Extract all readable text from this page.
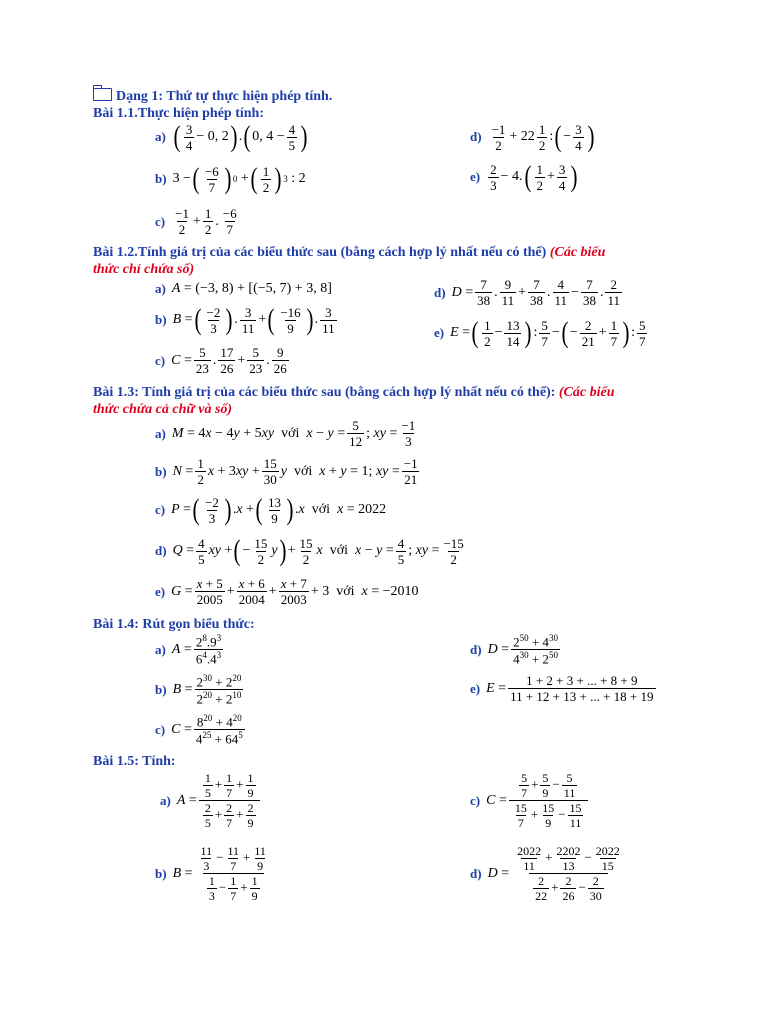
Dạng 1: Thứ tự thực hiện phép tính.
Bài 1.1.Thực hiện phép tính:
a) ( $\frac{3}{4} - 0$, 2 ) . ( 0, $4 - \frac{4}{5}$ )	$d) \frac{-1}{2} + 22 \frac{1}{2}$ : ( − $\frac{3}{4}$ )
b) 3 − ( $\frac{-6}{7}$ ) 0 + ( $\frac{1}{2}$ ) 3 : 2	$e) \frac{2}{3} - 4$. ( $\frac{1}{2} + \frac{3}{4}$ )
$c) \frac{-1}{2} + \frac{1}{2}$ . $\frac{-6}{7}$
Bài 1.2.Tính giá trị của các biểu thức sau (bằng cách hợp lý nhất nếu có thể) (Các biểu
thức chỉ chứa số)
a) A = (−3, 8) + [(−5, 7) + 3, 8]	d) $D = \frac{7}{38}$ . $\frac{9}{11} + \frac{7}{38}$ . $\frac{4}{11} - \frac{7}{38}$ . $\frac{2}{11}$
b) B = ( $\frac{-2}{3}$ ) . $\frac{3}{11}$ + ( $\frac{-16}{9}$ ) . $\frac{3}{11}$	e) E = ( $\frac{1}{2} - \frac{13}{14}$ ) : $\frac{5}{7}$ − ( − $\frac{2}{21} + \frac{1}{7}$ ) : $\frac{5}{7}$
c) $C = \frac{5}{23}$ . $\frac{17}{26} + \frac{5}{23}$ . $\frac{9}{26}$
Bài 1.3: Tính giá trị của các biểu thức sau (bằng cách hợp lý nhất nếu có thể): (Các biểu
thức chứa cả chữ và số)
a) M = 4 x − 4 y + 5 xy
với
$x - y = \frac{5}{12}$ ; xy = $\frac{-1}{3}$
b) $N = \frac{1}{2}$ x + 3 xy + $\frac{15}{30}$ y
với
x + y = 1; xy = $\frac{-1}{21}$
c) P = ( $\frac{-2}{3}$ ) . x + ( $\frac{13}{9}$ ) . x
với
x = 2022
d) $Q = \frac{4}{5}$ xy + ( − $\frac{15}{2}$ y ) + $\frac{15}{2}$ x
với
$x - y = \frac{4}{5}$ ; xy = $\frac{-15}{2}$
e) $G = \frac{x + 5}{2005} + \frac{x + 6}{2004} + \frac{x + 7}{2003} + 3$ với
x = −2010
Bài 1.4: Rút gọn biểu thức:
a) $A = \frac{2^8.9^3}{6^4.4^3}$	d) $D = \frac{2^{50} + 4^{30}}{4^{30} + 2^{50}}$
b) $B = \frac{2^{30} + 2^{20}}{2^{20} + 2^{10}}$	e) $E = \frac{1 + 2 + 3 + ... + 8 + 9}{11 + 12 + 13 + ... + 18 + 19}$
c) $C = \frac{8^{20} + 4^{20}}{4^{25} + 64^5}$
Bài 1.5: Tính:
a) $A = \frac{\frac{1}{5} + \frac{1}{7} + \frac{1}{9}}{\frac{2}{5} + \frac{2}{7} + \frac{2}{9}}$	c) $C = \frac{\frac{5}{7} + \frac{5}{9} - \frac{5}{11}}{\frac{15}{7} + \frac{15}{9} - \frac{15}{11}}$
b) $B = \frac{\frac{11}{3} - \frac{11}{7} + \frac{11}{9}}{\frac{1}{3} - \frac{1}{7} + \frac{1}{9}}$	d) $D = \frac{\frac{2022}{11} + \frac{2202}{13} - \frac{2022}{15}}{\frac{2}{22} + \frac{2}{26} - \frac{2}{30}}$
